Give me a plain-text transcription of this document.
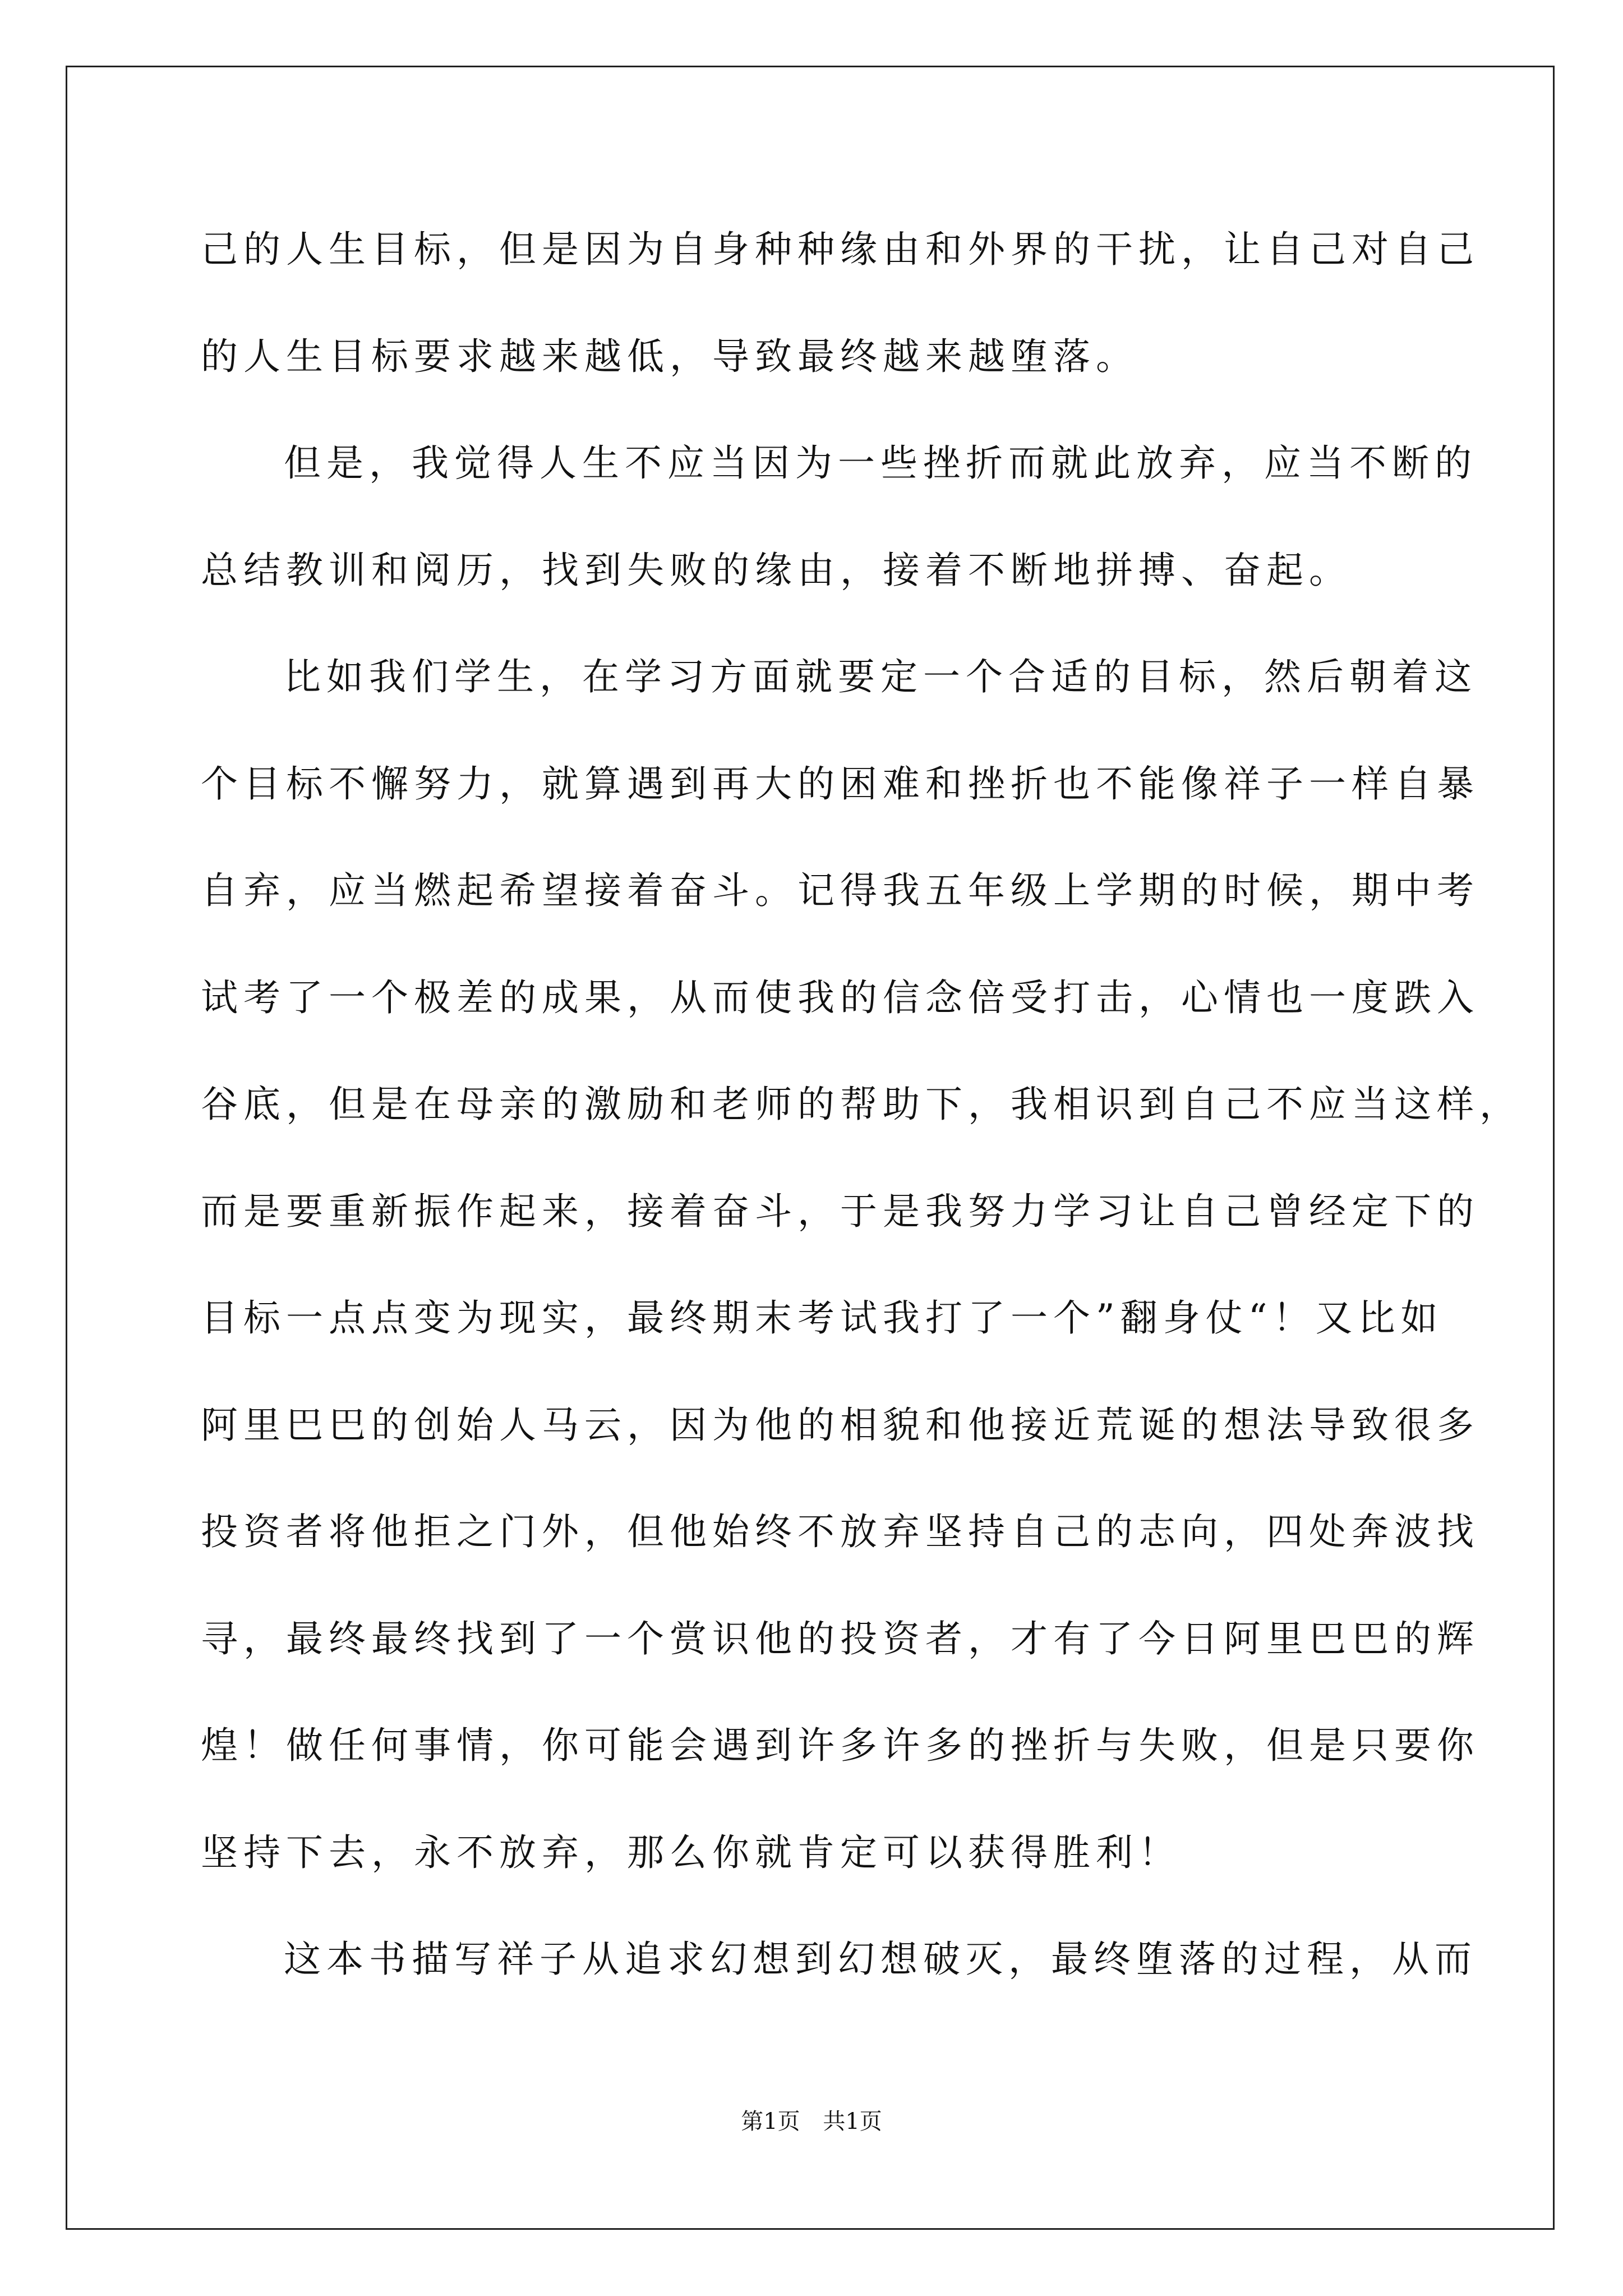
己的人生目标，但是因为自身种种缘由和外界的干扰，让自己对自己
的人生目标要求越来越低，导致最终越来越堕落。
但是，我觉得人生不应当因为一些挫折而就此放弃，应当不断的
总结教训和阅历，找到失败的缘由，接着不断地拼搏、奋起。
比如我们学生，在学习方面就要定一个合适的目标，然后朝着这
个目标不懈努力，就算遇到再大的困难和挫折也不能像祥子一样自暴
自弃，应当燃起希望接着奋斗。记得我五年级上学期的时候，期中考
试考了一个极差的成果，从而使我的信念倍受打击，心情也一度跌入
谷底，但是在母亲的激励和老师的帮助下，我相识到自己不应当这样，
而是要重新振作起来，接着奋斗，于是我努力学习让自己曾经定下的
目标一点点变为现实，最终期末考试我打了一个”翻身仗“！又比如
阿里巴巴的创始人马云，因为他的相貌和他接近荒诞的想法导致很多
投资者将他拒之门外，但他始终不放弃坚持自己的志向，四处奔波找
寻，最终最终找到了一个赏识他的投资者，才有了今日阿里巴巴的辉
煌！做任何事情，你可能会遇到许多许多的挫折与失败，但是只要你
坚持下去，永不放弃，那么你就肯定可以获得胜利！
这本书描写祥子从追求幻想到幻想破灭，最终堕落的过程，从而
第1页 共1页
